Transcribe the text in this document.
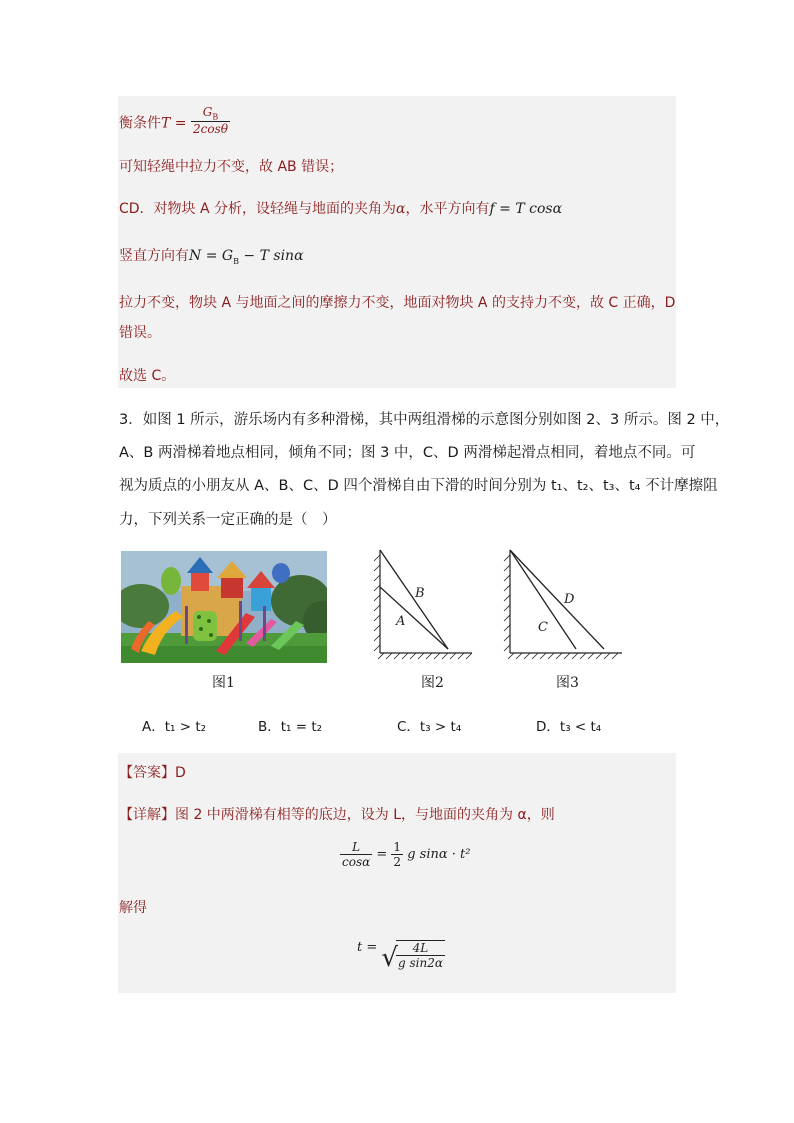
衡条件$T = \frac{G_B}{2\cos\theta}$
可知轻绳中拉力不变，故 AB 错误；
CD．对物块 A 分析，设轻绳与地面的夹角为α，水平方向有f = T cosα
竖直方向有$N = G_B - T$ sinα
拉力不变，物块 A 与地面之间的摩擦力不变，地面对物块 A 的支持力不变，故 C 正确，D
错误。
故选 C。
3．如图 1 所示，游乐场内有多种滑梯，其中两组滑梯的示意图分别如图 2、3 所示。图 2 中，
A、B 两滑梯着地点相同，倾角不同；图 3 中，C、D 两滑梯起滑点相同，着地点不同。可
视为质点的小朋友从 A、B、C、D 四个滑梯自由下滑的时间分别为 t₁、t₂、t₃、t₄ 不计摩擦阻
力，下列关系一定正确的是（　）
B
A
D
C
图1	图2	图3
A．t₁ > t₂	B．t₁ = t₂	C．t₃ > t₄	D．t₃ < t₄
【答案】D
【详解】图 2 中两滑梯有相等的底边，设为 L，与地面的夹角为 α，则
$\frac{L}{\cos\alpha} = \frac{1}{2}$ g sinα · t²
解得
t = √
$\frac{4L}{\text{g sin2α}}$
